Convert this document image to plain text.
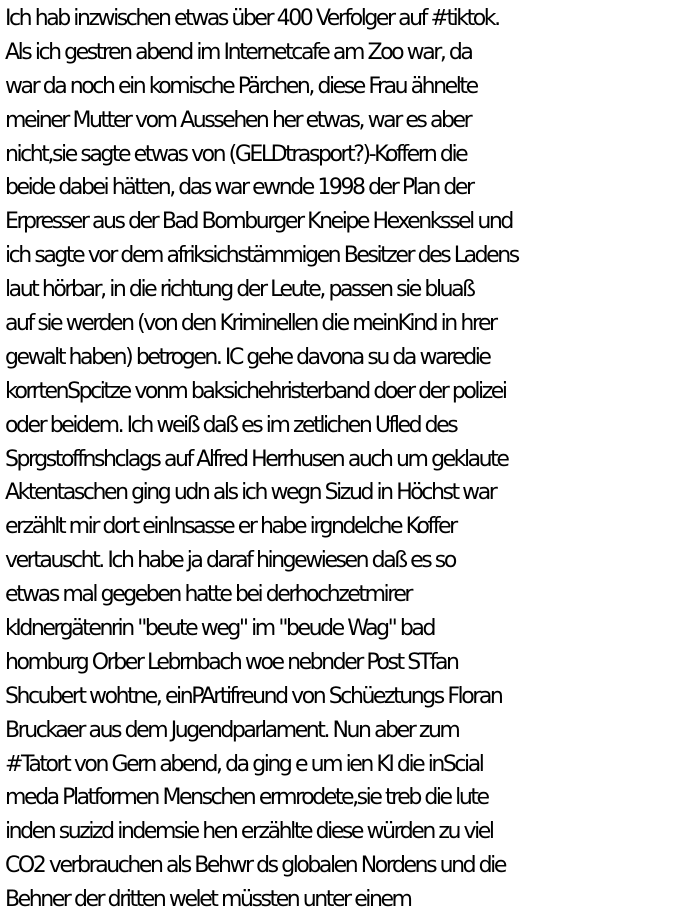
Ich hab inzwischen etwas über 400 Verfolger auf #tiktok.
Als ich gestren abend im Internetcafe am Zoo war, da
war da noch ein komische Pärchen, diese Frau ähnelte
meiner Mutter vom Aussehen her etwas, war es aber
nicht,sie sagte etwas von (GELDtrasport?)-Koffern die
beide dabei hätten, das war ewnde 1998 der Plan der
Erpresser aus der Bad Bomburger Kneipe Hexenkssel und
ich sagte vor dem afriksichstämmigen Besitzer des Ladens
laut hörbar, in die richtung der Leute, passen sie bluaß
auf sie werden (von den Kriminellen die meinKind in hrer
gewalt haben) betrogen. IC gehe davona su da waredie
korrtenSpcitze vonm baksichehristerband doer der polizei
oder beidem. Ich weiß daß es im zetlichen Ufled des
Sprgstoffnshclags auf Alfred Herrhusen auch um geklaute
Aktentaschen ging udn als ich wegn Sizud in Höchst war
erzählt mir dort einInsasse er habe irgndelche Koffer
vertauscht. Ich habe ja daraf hingewiesen daß es so
etwas mal gegeben hatte bei derhochzetmirer
kIdnergätenrin "beute weg" im "beude Wag" bad
homburg Orber Lebrnbach woe nebnder Post STfan
Shcubert wohtne, einPArtifreund von Schüeztungs Floran
Bruckaer aus dem Jugendparlament. Nun aber zum
#Tatort von Gern abend, da ging e um ien KI die inScial
meda Platformen Menschen ermrodete,sie treb die lute
inden suzizd indemsie hen erzählte diese würden zu viel
CO2 verbrauchen als Behwr ds globalen Nordens und die
Behner der dritten welet müssten unter einem
